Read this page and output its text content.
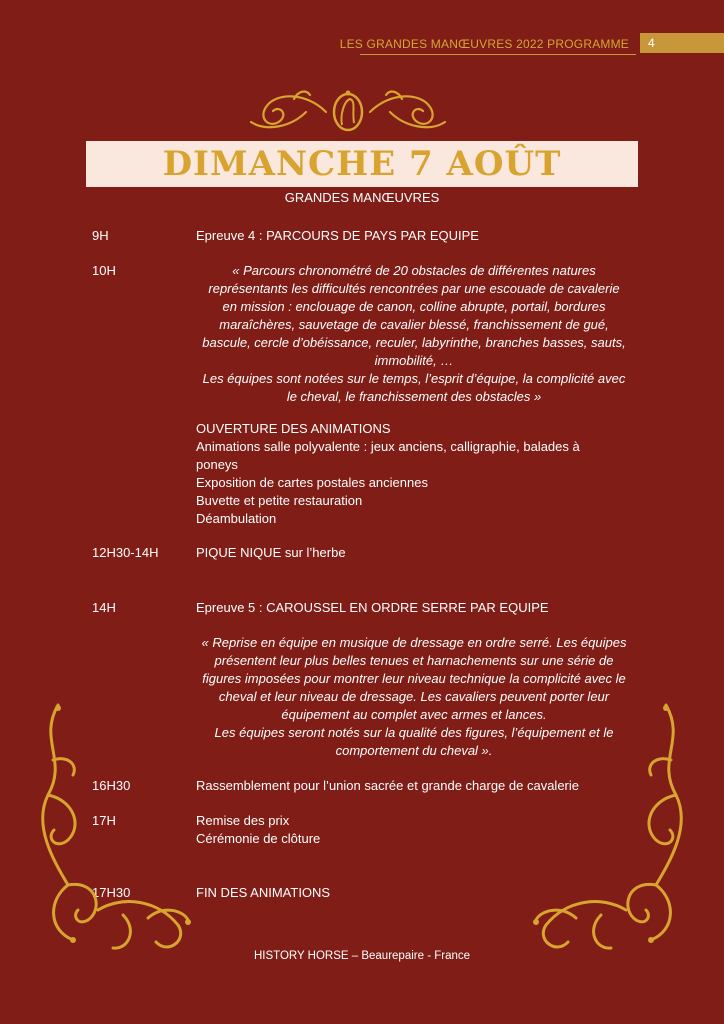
LES GRANDES MANŒUVRES 2022 PROGRAMME	4
DIMANCHE 7 AOÛT
GRANDES MANŒUVRES
9H	Epreuve 4 : PARCOURS DE PAYS PAR EQUIPE
10H	« Parcours chronométré de 20 obstacles de différentes natures
représentants les difficultés rencontrées par une escouade de cavalerie
en mission : enclouage de canon, colline abrupte, portail, bordures
maraîchères, sauvetage de cavalier blessé, franchissement de gué,
bascule, cercle d’obéissance, reculer, labyrinthe, branches basses, sauts,
immobilité, …
Les équipes sont notées sur le temps, l’esprit d’équipe, la complicité avec
le cheval, le franchissement des obstacles »
OUVERTURE DES ANIMATIONS
Animations salle polyvalente : jeux anciens, calligraphie, balades à
poneys
Exposition de cartes postales anciennes
Buvette et petite restauration
Déambulation
12H30-14H	PIQUE NIQUE sur l’herbe
14H	Epreuve 5 : CAROUSSEL EN ORDRE SERRE PAR EQUIPE
« Reprise en équipe en musique de dressage en ordre serré. Les équipes
présentent leur plus belles tenues et harnachements sur une série de
figures imposées pour montrer leur niveau technique la complicité avec le
cheval et leur niveau de dressage. Les cavaliers peuvent porter leur
équipement au complet avec armes et lances.
Les équipes seront notés sur la qualité des figures, l’équipement et le
comportement du cheval ».
16H30	Rassemblement pour l’union sacrée et grande charge de cavalerie
17H	Remise des prix
Cérémonie de clôture
17H30	FIN DES ANIMATIONS
HISTORY HORSE – Beaurepaire - France
